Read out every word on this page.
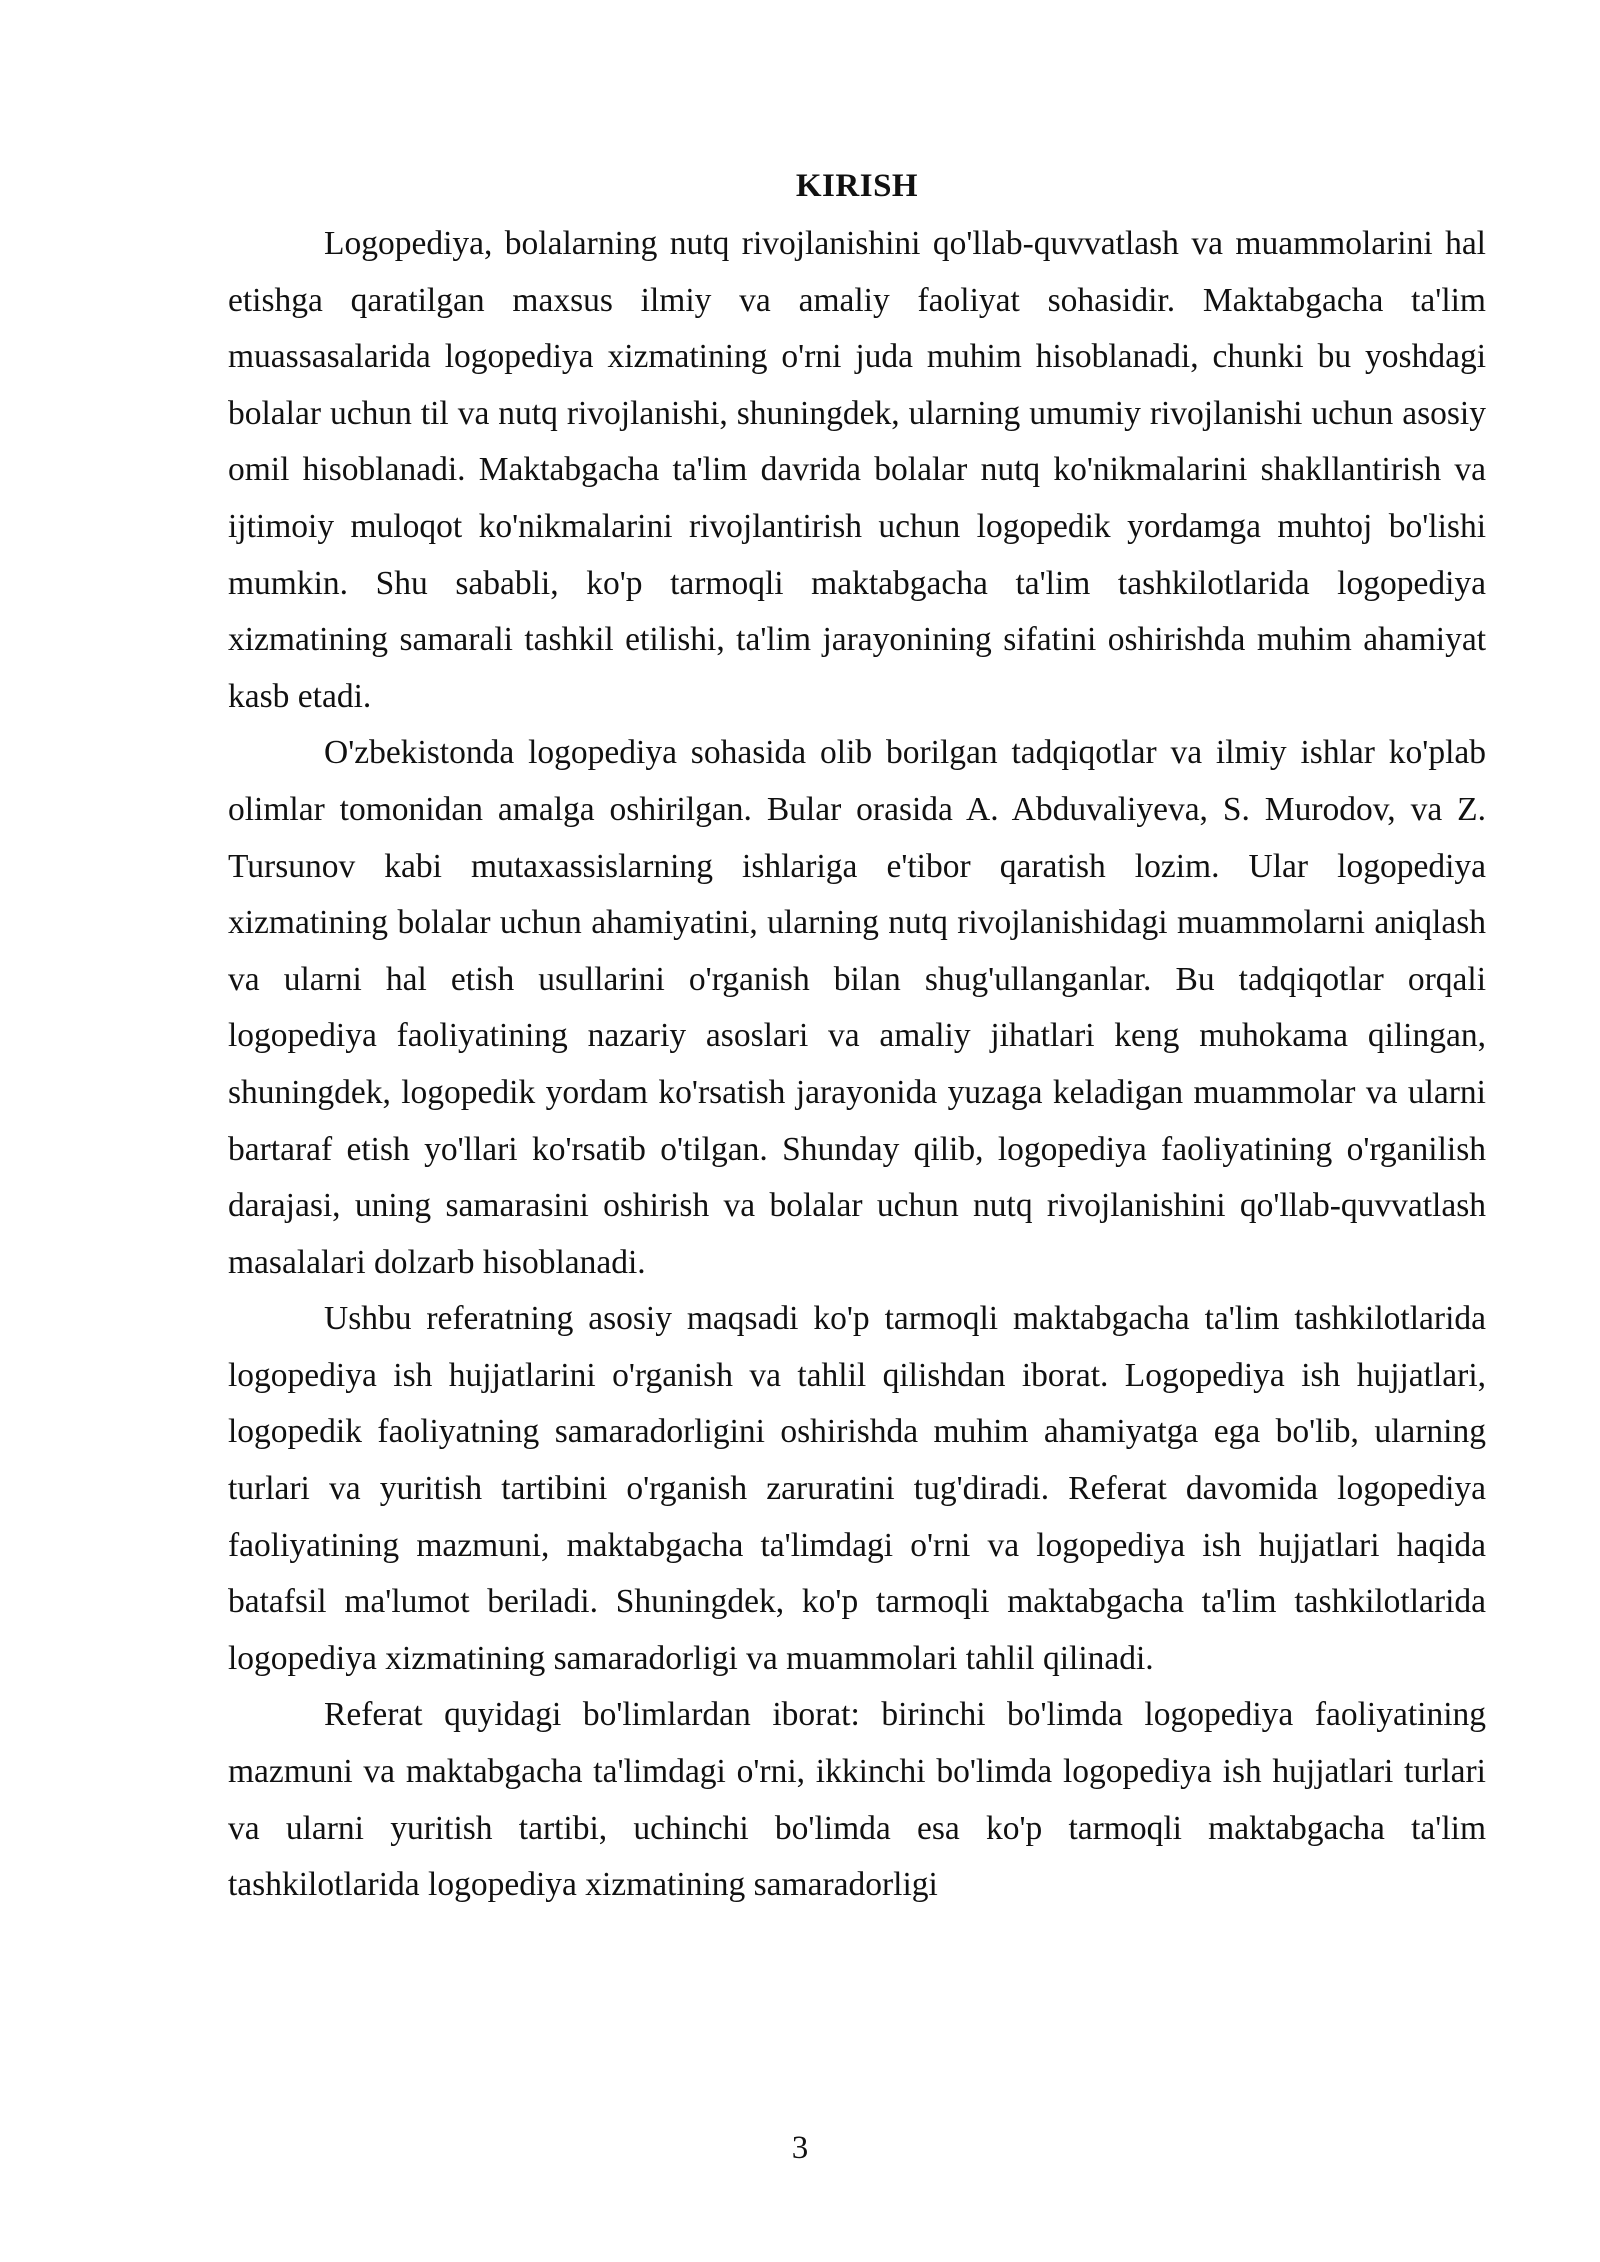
KIRISH

Logopediya, bolalarning nutq rivojlanishini qo'llab-quvvatlash va muammolarini hal etishga qaratilgan maxsus ilmiy va amaliy faoliyat sohasidir. Maktabgacha ta'lim muassasalarida logopediya xizmatining o'rni juda muhim hisoblanadi, chunki bu yoshdagi bolalar uchun til va nutq rivojlanishi, shuningdek, ularning umumiy rivojlanishi uchun asosiy omil hisoblanadi. Maktabgacha ta'lim davrida bolalar nutq ko'nikmalarini shakllantirish va ijtimoiy muloqot ko'nikmalarini rivojlantirish uchun logopedik yordamga muhtoj bo'lishi mumkin. Shu sababli, ko'p tarmoqli maktabgacha ta'lim tashkilotlarida logopediya xizmatining samarali tashkil etilishi, ta'lim jarayonining sifatini oshirishda muhim ahamiyat kasb etadi.

O'zbekistonda logopediya sohasida olib borilgan tadqiqotlar va ilmiy ishlar ko'plab olimlar tomonidan amalga oshirilgan. Bular orasida A. Abduvaliyeva, S. Murodov, va Z. Tursunov kabi mutaxassislarning ishlariga e'tibor qaratish lozim. Ular logopediya xizmatining bolalar uchun ahamiyatini, ularning nutq rivojlanishidagi muammolarni aniqlash va ularni hal etish usullarini o'rganish bilan shug'ullanganlar. Bu tadqiqotlar orqali logopediya faoliyatining nazariy asoslari va amaliy jihatlari keng muhokama qilingan, shuningdek, logopedik yordam ko'rsatish jarayonida yuzaga keladigan muammolar va ularni bartaraf etish yo'llari ko'rsatib o'tilgan. Shunday qilib, logopediya faoliyatining o'rganilish darajasi, uning samarasini oshirish va bolalar uchun nutq rivojlanishini qo'llab-quvvatlash masalalari dolzarb hisoblanadi.

Ushbu referatning asosiy maqsadi ko'p tarmoqli maktabgacha ta'lim tashkilotlarida logopediya ish hujjatlarini o'rganish va tahlil qilishdan iborat. Logopediya ish hujjatlari, logopedik faoliyatning samaradorligini oshirishda muhim ahamiyatga ega bo'lib, ularning turlari va yuritish tartibini o'rganish zaruratini tug'diradi. Referat davomida logopediya faoliyatining mazmuni, maktabgacha ta'limdagi o'rni va logopediya ish hujjatlari haqida batafsil ma'lumot beriladi. Shuningdek, ko'p tarmoqli maktabgacha ta'lim tashkilotlarida logopediya xizmatining samaradorligi va muammolari tahlil qilinadi.

Referat quyidagi bo'limlardan iborat: birinchi bo'limda logopediya faoliyatining mazmuni va maktabgacha ta'limdagi o'rni, ikkinchi bo'limda logopediya ish hujjatlari turlari va ularni yuritish tartibi, uchinchi bo'limda esa ko'p tarmoqli maktabgacha ta'lim tashkilotlarida logopediya xizmatining samaradorligi

3
